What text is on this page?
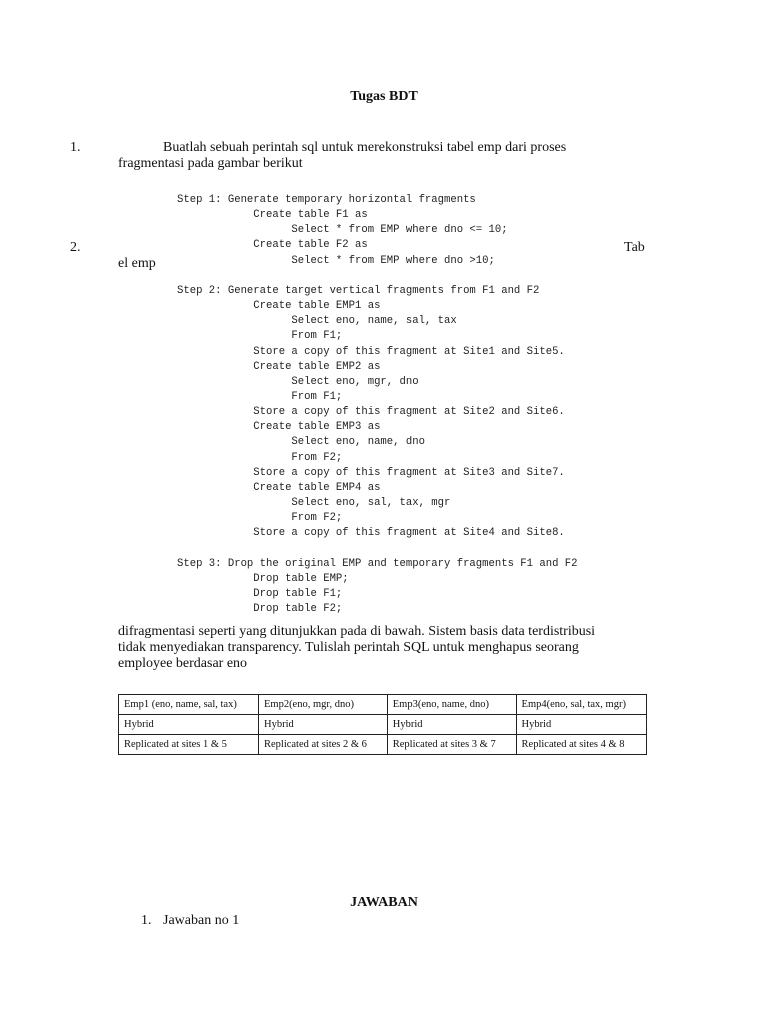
Tugas BDT
1.	Buatlah sebuah perintah sql untuk merekonstruksi tabel emp dari proses
fragmentasi pada gambar berikut
2.	Tab
el emp
Step 1: Generate temporary horizontal fragments
Create table F1 as
Select * from EMP where dno <= 10;
Create table F2 as
Select * from EMP where dno >10;
Step 2: Generate target vertical fragments from F1 and F2
Create table EMP1 as
Select eno, name, sal, tax
From F1;
Store a copy of this fragment at Site1 and Site5.
Create table EMP2 as
Select eno, mgr, dno
From F1;
Store a copy of this fragment at Site2 and Site6.
Create table EMP3 as
Select eno, name, dno
From F2;
Store a copy of this fragment at Site3 and Site7.
Create table EMP4 as
Select eno, sal, tax, mgr
From F2;
Store a copy of this fragment at Site4 and Site8.
Step 3: Drop the original EMP and temporary fragments F1 and F2
Drop table EMP;
Drop table F1;
Drop table F2;
difragmentasi seperti yang ditunjukkan pada di bawah. Sistem basis data terdistribusi
tidak menyediakan transparency. Tulislah perintah SQL untuk menghapus seorang
employee berdasar eno
Emp1 (eno, name, sal, tax)	Emp2(eno, mgr, dno)	Emp3(eno, name, dno)	Emp4(eno, sal, tax, mgr)
Hybrid	Hybrid	Hybrid	Hybrid
Replicated at sites 1 & 5	Replicated at sites 2 & 6	Replicated at sites 3 & 7	Replicated at sites 4 & 8
JAWABAN
1. Jawaban no 1
